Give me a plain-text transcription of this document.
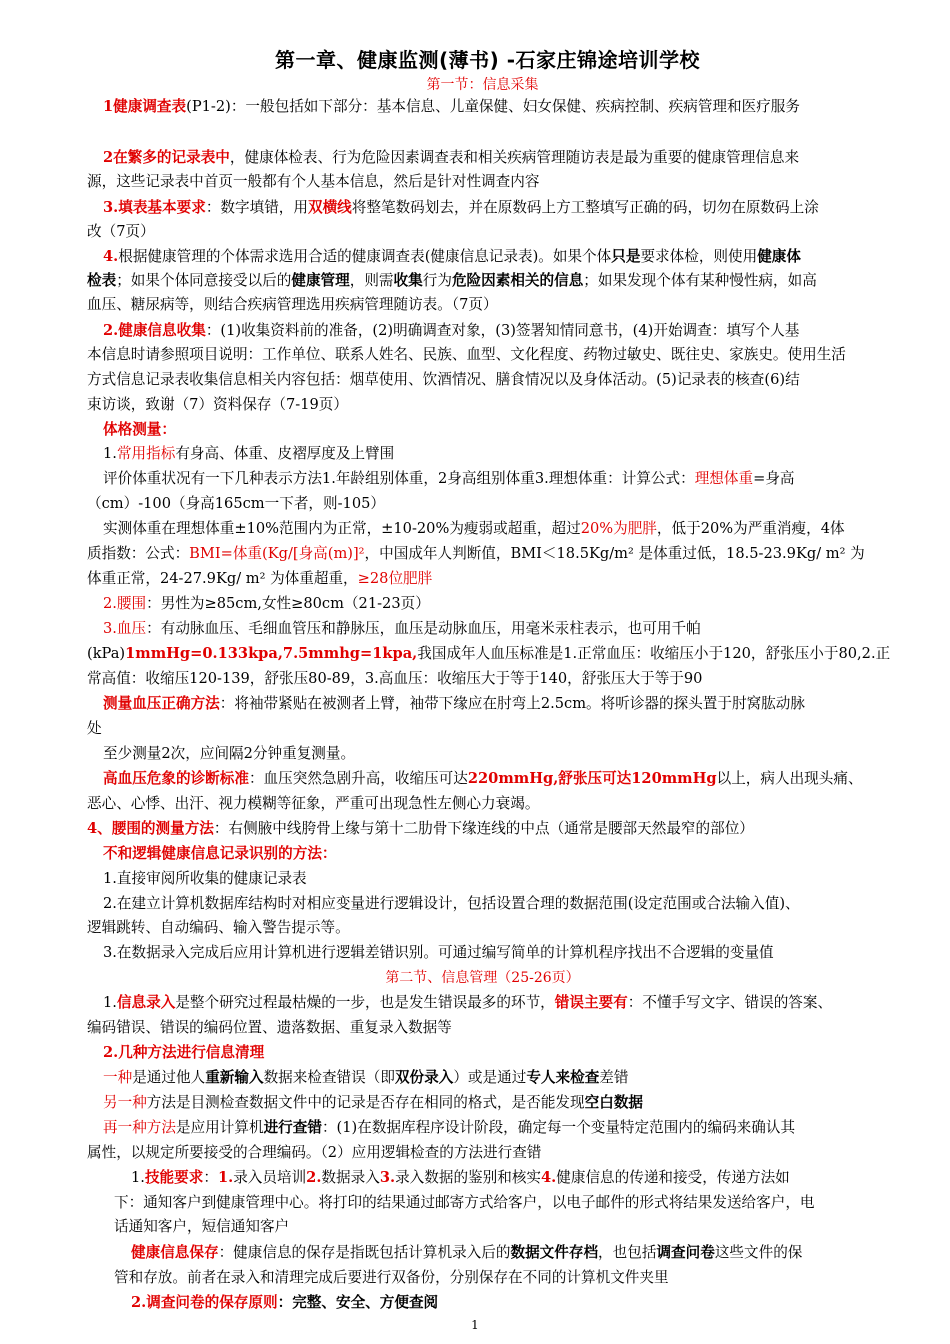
第一章、健康监测(薄书) -石家庄锦途培训学校
第一节：信息采集
1健康调查表(P1-2)：一般包括如下部分：基本信息、儿童保健、妇女保健、疾病控制、疾病管理和医疗服务
2在繁多的记录表中，健康体检表、行为危险因素调查表和相关疾病管理随访表是最为重要的健康管理信息来
源，这些记录表中首页一般都有个人基本信息，然后是针对性调查内容
3.填表基本要求：数字填错，用双横线将整笔数码划去，并在原数码上方工整填写正确的码，切勿在原数码上涂
改（7页）
4.根据健康管理的个体需求选用合适的健康调查表(健康信息记录表)。如果个体只是要求体检，则使用健康体
检表；如果个体同意接受以后的健康管理，则需收集行为危险因素相关的信息；如果发现个体有某种慢性病，如高
血压、糖尿病等，则结合疾病管理选用疾病管理随访表。（7页）
2.健康信息收集：(1)收集资料前的准备，(2)明确调查对象，(3)签署知情同意书，(4)开始调查：填写个人基
本信息时请参照项目说明：工作单位、联系人姓名、民族、血型、文化程度、药物过敏史、既往史、家族史。使用生活
方式信息记录表收集信息相关内容包括：烟草使用、饮酒情况、膳食情况以及身体活动。(5)记录表的核查(6)结
束访谈，致谢（7）资料保存（7-19页）
体格测量：
1.常用指标有身高、体重、皮褶厚度及上臂围
评价体重状况有一下几种表示方法1.年龄组别体重，2身高组别体重3.理想体重：计算公式：理想体重=身高
（cm）-100（身高165cm一下者，则-105）
实测体重在理想体重±10%范围内为正常，±10-20%为瘦弱或超重，超过20%为肥胖，低于20%为严重消瘦，4体
质指数：公式：BMI=体重(Kg/[身高(m)]²，中国成年人判断值，BMI＜18.5Kg/m² 是体重过低，18.5-23.9Kg/ m² 为
体重正常，24-27.9Kg/ m² 为体重超重，≥28位肥胖
2.腰围：男性为≥85cm,女性≥80cm（21-23页）
3.血压：有动脉血压、毛细血管压和静脉压，血压是动脉血压，用毫米汞柱表示，也可用千帕
(kPa)1mmHg=0.133kpa,7.5mmhg=1kpa,我国成年人血压标准是1.正常血压：收缩压小于120，舒张压小于80,2.正
常高值：收缩压120-139，舒张压80-89，3.高血压：收缩压大于等于140，舒张压大于等于90
测量血压正确方法：将袖带紧贴在被测者上臂，袖带下缘应在肘弯上2.5cm。将听诊器的探头置于肘窝肱动脉
处
至少测量2次，应间隔2分钟重复测量。
高血压危象的诊断标准：血压突然急剧升高，收缩压可达220mmHg,舒张压可达120mmHg以上，病人出现头痛、
恶心、心悸、出汗、视力模糊等征象，严重可出现急性左侧心力衰竭。
4、腰围的测量方法：右侧腋中线胯骨上缘与第十二肋骨下缘连线的中点（通常是腰部天然最窄的部位）
不和逻辑健康信息记录识别的方法：
1.直接审阅所收集的健康记录表
2.在建立计算机数据库结构时对相应变量进行逻辑设计，包括设置合理的数据范围(设定范围或合法输入值)、
逻辑跳转、自动编码、输入警告提示等。
3.在数据录入完成后应用计算机进行逻辑差错识别。可通过编写简单的计算机程序找出不合逻辑的变量值
第二节、信息管理（25-26页）
1.信息录入是整个研究过程最枯燥的一步，也是发生错误最多的环节，错误主要有：不懂手写文字、错误的答案、
编码错误、错误的编码位置、遗落数据、重复录入数据等
2.几种方法进行信息清理
一种是通过他人重新输入数据来检查错误（即双份录入）或是通过专人来检查差错
另一种方法是目测检查数据文件中的记录是否存在相同的格式，是否能发现空白数据
再一种方法是应用计算机进行查错：(1)在数据库程序设计阶段，确定每一个变量特定范围内的编码来确认其
属性，以规定所要接受的合理编码。（2）应用逻辑检查的方法进行查错
1.技能要求：1.录入员培训2.数据录入3.录入数据的鉴别和核实4.健康信息的传递和接受，传递方法如
下：通知客户到健康管理中心。将打印的结果通过邮寄方式给客户，以电子邮件的形式将结果发送给客户，电
话通知客户，短信通知客户
健康信息保存：健康信息的保存是指既包括计算机录入后的数据文件存档，也包括调查问卷这些文件的保
管和存放。前者在录入和清理完成后要进行双备份，分别保存在不同的计算机文件夹里
2.调查问卷的保存原则：完整、安全、方便查阅
1
